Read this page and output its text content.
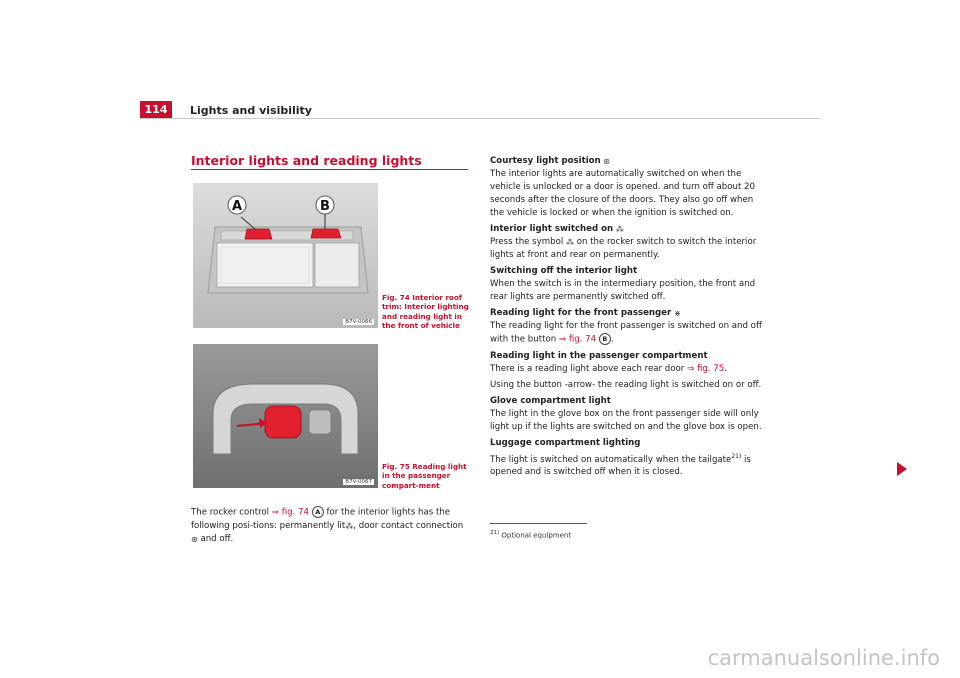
114	Lights and visibility
Interior lights and reading lights
A	B
B7V-0066
Fig. 74 Interior roof trim: Interior lighting and reading light in the front of vehicle
B7V-0067
Fig. 75 Reading light in the passenger compart-ment
The rocker control ⇒ fig. 74 A for the interior lights has the following posi-tions: permanently lit⁂, door contact connection ⊛ and off.

Courtesy light position ⊛

The interior lights are automatically switched on when the vehicle is unlocked or a door is opened. and turn off about 20 seconds after the closure of the doors. They also go off when the vehicle is locked or when the ignition is switched on.

Interior light switched on ⁂

Press the symbol ⁂ on the rocker switch to switch the interior lights at front and rear on permanently.

Switching off the interior light

When the switch is in the intermediary position, the front and rear lights are permanently switched off.

Reading light for the front passenger ⋇

The reading light for the front passenger is switched on and off with the button ⇒ fig. 74 B .

Reading light in the passenger compartment

There is a reading light above each rear door ⇒ fig. 75.

Using the button -arrow- the reading light is switched on or off.

Glove compartment light

The light in the glove box on the front passenger side will only light up if the lights are switched on and the glove box is open.

Luggage compartment lighting

The light is switched on automatically when the tailgate$^{21)}$ is opened and is switched off when it is closed.

$^{21)}$ Optional equipment
carmanualsonline.info
